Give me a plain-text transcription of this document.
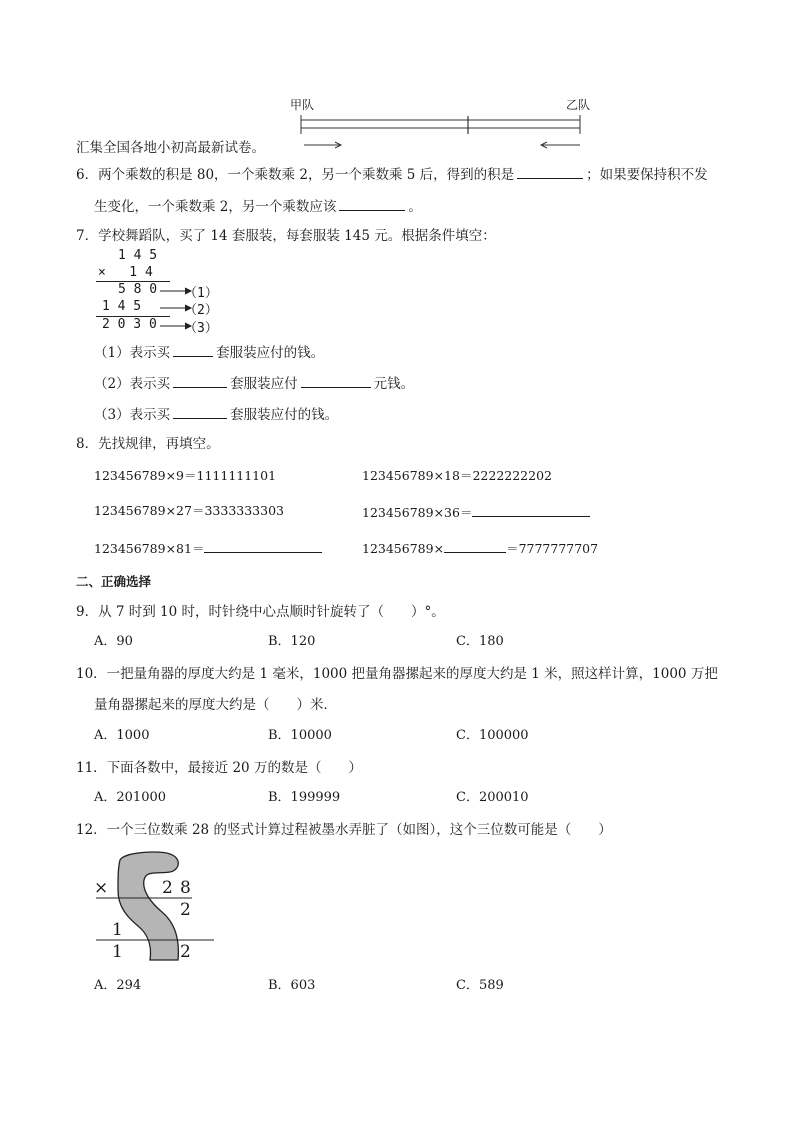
甲队	乙队
汇集全国各地小初高最新试卷。
6．两个乘数的积是 80，一个乘数乘 2，另一个乘数乘 5 后，得到的积是	；如果要保持积不发
生变化，一个乘数乘 2，另一个乘数应该	。
7．学校舞蹈队，买了 14 套服装，每套服装 145 元。根据条件填空：
1 4 5
×   1 4
5 8 0
1 4 5
2 0 3 0
（1）
（2）
（3）
（1）表示买	套服装应付的钱。
（2）表示买	套服装应付	元钱。
（3）表示买	套服装应付的钱。
8．先找规律，再填空。
123456789×9＝1111111101	123456789×18＝2222222202
123456789×27＝3333333303	123456789×36＝
123456789×81＝	123456789×	＝7777777707
二、正确选择
9．从 7 时到 10 时，时针绕中心点顺时针旋转了（　　）°。
A．90	B．120	C．180
10．一把量角器的厚度大约是 1 毫米，1000 把量角器摞起来的厚度大约是 1 米，照这样计算，1000 万把
量角器摞起来的厚度大约是（　　）米．
A．1000	B．10000	C．100000
11．下面各数中，最接近 20 万的数是（　　）
A．201000	B．199999	C．200010
12．一个三位数乘 28 的竖式计算过程被墨水弄脏了（如图），这个三位数可能是（　　）
×	2 8
2
1
1	2
A．294	B．603	C．589
